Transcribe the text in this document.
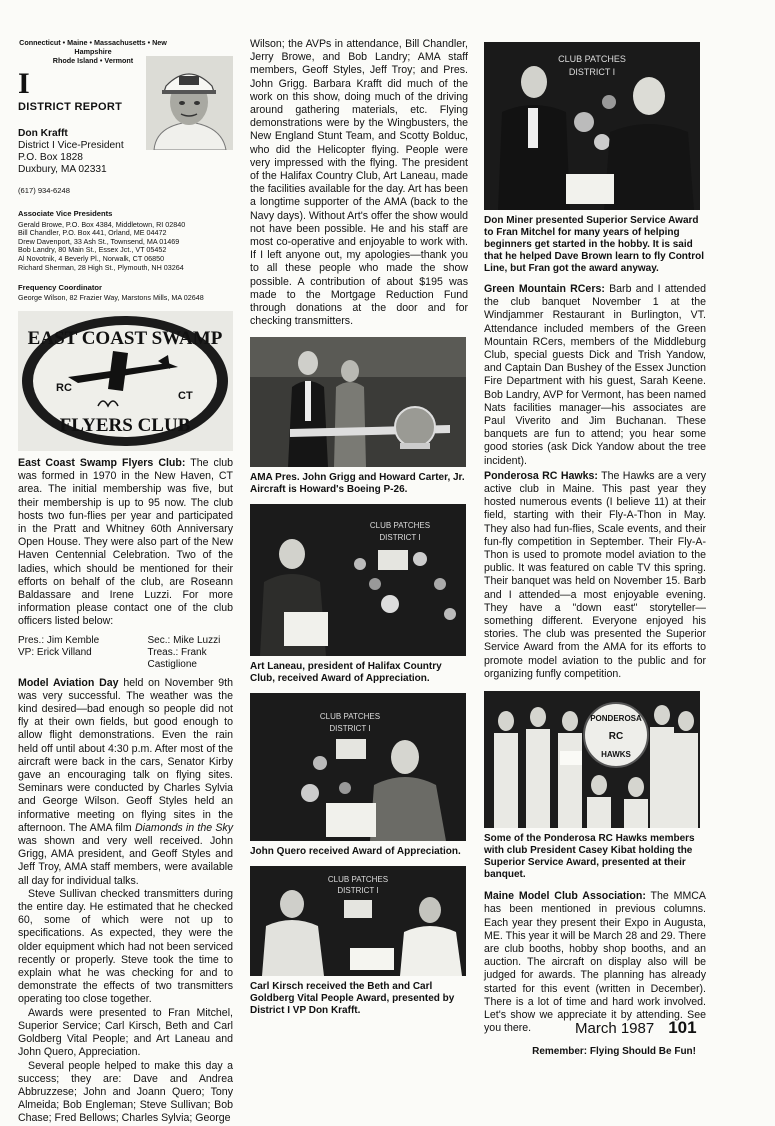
Connecticut • Maine • Massachusetts • New Hampshire
Rhode Island • Vermont
I
DISTRICT REPORT
Don Krafft
District I Vice-President
P.O. Box 1828
Duxbury, MA 02331
(617) 934-6248
Associate Vice Presidents
Gerald Browe, P.O. Box 4384, Middletown, RI 02840
Bill Chandler, P.O. Box 441, Orland, ME 04472
Drew Davenport, 33 Ash St., Townsend, MA 01469
Bob Landry, 80 Main St., Essex Jct., VT 05452
Al Novotnik, 4 Beverly Pl., Norwalk, CT 06850
Richard Sherman, 28 High St., Plymouth, NH 03264
Frequency Coordinator
George Wilson, 82 Frazier Way, Marstons Mills, MA 02648
EAST COAST SWAMP
FLYERS CLUB
RC
CT

East Coast Swamp Flyers Club: The club was formed in 1970 in the New Haven, CT area. The initial membership was five, but their membership is up to 95 now. The club hosts two fun-flies per year and participated in the Pratt and Whitney 60th Anniversary Open House. They were also part of the New Haven Centennial Celebration. Two of the ladies, which should be mentioned for their efforts on behalf of the club, are Roseann Baldassare and Irene Luzzi. For more information please contact one of the club officers listed below:

Pres.: Jim Kemble	Sec.: Mike Luzzi
VP: Erick Villand	Treas.: Frank Castiglione

Model Aviation Day held on November 9th was very successful. The weather was the kind desired—bad enough so people did not fly at their own fields, but good enough to allow flight demonstrations. Even the rain held off until about 4:30 p.m. After most of the aircraft were back in the cars, Senator Kirby gave an encouraging talk on flying sites. Seminars were conducted by Charles Sylvia and George Wilson. Geoff Styles held an informative meeting on flying sites in the afternoon. The AMA film Diamonds in the Sky was shown and very well received. John Grigg, AMA president, and Geoff Styles and Jeff Troy, AMA staff members, were available all day for individual talks.

Steve Sullivan checked transmitters during the entire day. He estimated that he checked 60, some of which were not up to specifications. As expected, they were the older equipment which had not been serviced recently or properly. Steve took the time to explain what he was checking for and to demonstrate the effects of two transmitters operating too close together.

Awards were presented to Fran Mitchel, Superior Service; Carl Kirsch, Beth and Carl Goldberg Vital People; and Art Laneau and John Quero, Appreciation.

Several people helped to make this day a success; they are: Dave and Andrea Abbruzzese; John and Joann Quero; Tony Almeida; Bob Engleman; Steve Sullivan; Bob Chase; Fred Bellows; Charles Sylvia; George

Wilson; the AVPs in attendance, Bill Chandler, Jerry Browe, and Bob Landry; AMA staff members, Geoff Styles, Jeff Troy; and Pres. John Grigg. Barbara Krafft did much of the work on this show, doing much of the driving around gathering materials, etc. Flying demonstrations were by the Wingbusters, the New England Stunt Team, and Scotty Bolduc, who did the Helicopter flying. People were very impressed with the flying. The president of the Halifax Country Club, Art Laneau, made the facilities available for the day. Art has been a longtime supporter of the AMA (back to the Navy days). Without Art's offer the show would not have been possible. He and his staff are most co-operative and enjoyable to work with. If I left anyone out, my apologies—thank you to all these people who made the show possible. A contribution of about $195 was made to the Mortgage Reduction Fund through donations at the door and for checking transmitters.

AMA Pres. John Grigg and Howard Carter, Jr. Aircraft is Howard's Boeing P-26.
CLUB PATCHES
DISTRICT I
Art Laneau, president of Halifax Country Club, received Award of Appreciation.
CLUB PATCHES
DISTRICT I
John Quero received Award of Appreciation.
CLUB PATCHES
DISTRICT I
Carl Kirsch received the Beth and Carl Goldberg Vital People Award, presented by District I VP Don Krafft.
CLUB PATCHES
DISTRICT I
Don Miner presented Superior Service Award to Fran Mitchel for many years of helping beginners get started in the hobby. It is said that he helped Dave Brown learn to fly Control Line, but Fran got the award anyway.

Green Mountain RCers: Barb and I attended the club banquet November 1 at the Windjammer Restaurant in Burlington, VT. Attendance included members of the Green Mountain RCers, members of the Middleburg Club, special guests Dick and Trish Yandow, and Captain Dan Bushey of the Essex Junction Fire Department with his guest, Sarah Keene. Bob Landry, AVP for Vermont, has been named Nats facilities manager—his associates are Paul Viverito and Jim Buchanan. These banquets are fun to attend; you hear some good stories (ask Dick Yandow about the tree incident).

Ponderosa RC Hawks: The Hawks are a very active club in Maine. This past year they hosted numerous events (I believe 11) at their field, starting with their Fly-A-Thon in May. They also had fun-flies, Scale events, and their fun-fly competition in September. Their Fly-A-Thon is used to promote model aviation to the public. It was featured on cable TV this spring. Their banquet was held on November 15. Barb and I attended—a most enjoyable evening. They have a "down east" storyteller—something different. Everyone enjoyed his stories. The club was presented the Superior Service Award from the AMA for its efforts to promote model aviation to the public and for organizing funfly competition.

PONDEROSA
RC
HAWKS
Some of the Ponderosa RC Hawks members with club President Casey Kibat holding the Superior Service Award, presented at their banquet.

Maine Model Club Association: The MMCA has been mentioned in previous columns. Each year they present their Expo in Augusta, ME. This year it will be March 28 and 29. There are club booths, hobby shop booths, and an auction. The aircraft on display also will be judged for awards. The planning has already started for this event (written in December). There is a lot of time and hard work involved. Let's show we appreciate it by attending. See you there.

Remember: Flying Should Be Fun!
March 1987 101
